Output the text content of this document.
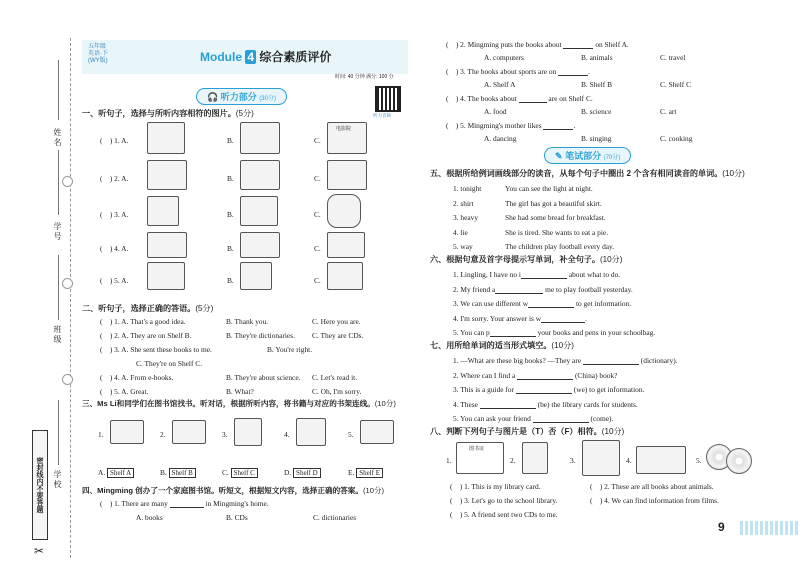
姓名
学号
班级
学校
密封线内不要答题
✂
五年级
英语·下
(WY版)	Module 4 综合素质评价
时间: 40 分钟 满分: 100 分
听力音频
🎧 听力部分 (30分)
一、听句子，选择与所听内容相符的图片。(5分)
(    ) 1. A.	B.	C.
电影院
(    ) 2. A.	B.	C.
(    ) 3. A.	B.	C.
(    ) 4. A.	B.	C.
(    ) 5. A.	B.	C.
二、听句子，选择正确的答语。(5分)
(    ) 1. A. That's a good idea.	B. Thank you.	C. Here you are.
(    ) 2. A. They are on Shelf B.	B. They're dictionaries. C. They are CDs.
(    ) 3. A. She sent these books to me.	B. You're right.
C. They're on Shelf C.
(    ) 4. A. From e-books.	B. They're about science. C. Let's read it.
(    ) 5. A. Great.	B. What?	C. Oh, I'm sorry.
三、Ms Li和同学们在图书馆找书。听对话，根据所听内容，将书籍与对应的书架连线。(10分)
1.	2.	3.	4.	5.
A. Shelf A	B. Shelf B	C. Shelf C	D. Shelf D	E. Shelf E
四、Mingming 创办了一个家庭图书馆。听短文，根据短文内容，选择正确的答案。(10分)
(    ) 1. There are many	in Mingming's home.
A. books	B. CDs	C. dictionaries
(    ) 2. Mingming puts the books about	on Shelf A.
A. computers	B. animals	C. travel
(    ) 3. The books about sports are on	.
A. Shelf A	B. Shelf B	C. Shelf C
(    ) 4. The books about	are on Shelf C.
A. food	B. science	C. art
(    ) 5. Mingming's mother likes	.
A. dancing	B. singing	C. cooking
✎ 笔试部分 (70分)
五、根据所给例词画线部分的读音，从每个句子中圈出 2 个含有相同读音的单词。(10分)
1. tonight	You can see the light at night.
2. shirt	The girl has got a beautiful skirt.
3. heavy	She had some bread for breakfast.
4. lie	She is tired. She wants to eat a pie.
5. way	The children play football every day.
六、根据句意及首字母提示写单词，补全句子。(10分)
1. Lingling, I have no i	about what to do.
2. My friend a	me to play football yesterday.
3. We can use different w	to get information.
4. I'm sorry. Your answer is w	.
5. You can p	your books and pens in your schoolbag.
七、用所给单词的适当形式填空。(10分)
1. —What are these big books? —They are	(dictionary).
2. Where can I find a	(China) book?
3. This is a guide for	(we) to get information.
4. These	(be) the library cards for students.
5. You can ask your friend	(come).
八、判断下列句子与图片是（T）否（F）相符。(10分)
1.
图书证
2.	3.	4.	5.
(    ) 1. This is my library card.	(    ) 2. These are all books about animals.
(    ) 3. Let's go to the school library.	(    ) 4. We can find information from films.
(    ) 5. A friend sent two CDs to me.
9
